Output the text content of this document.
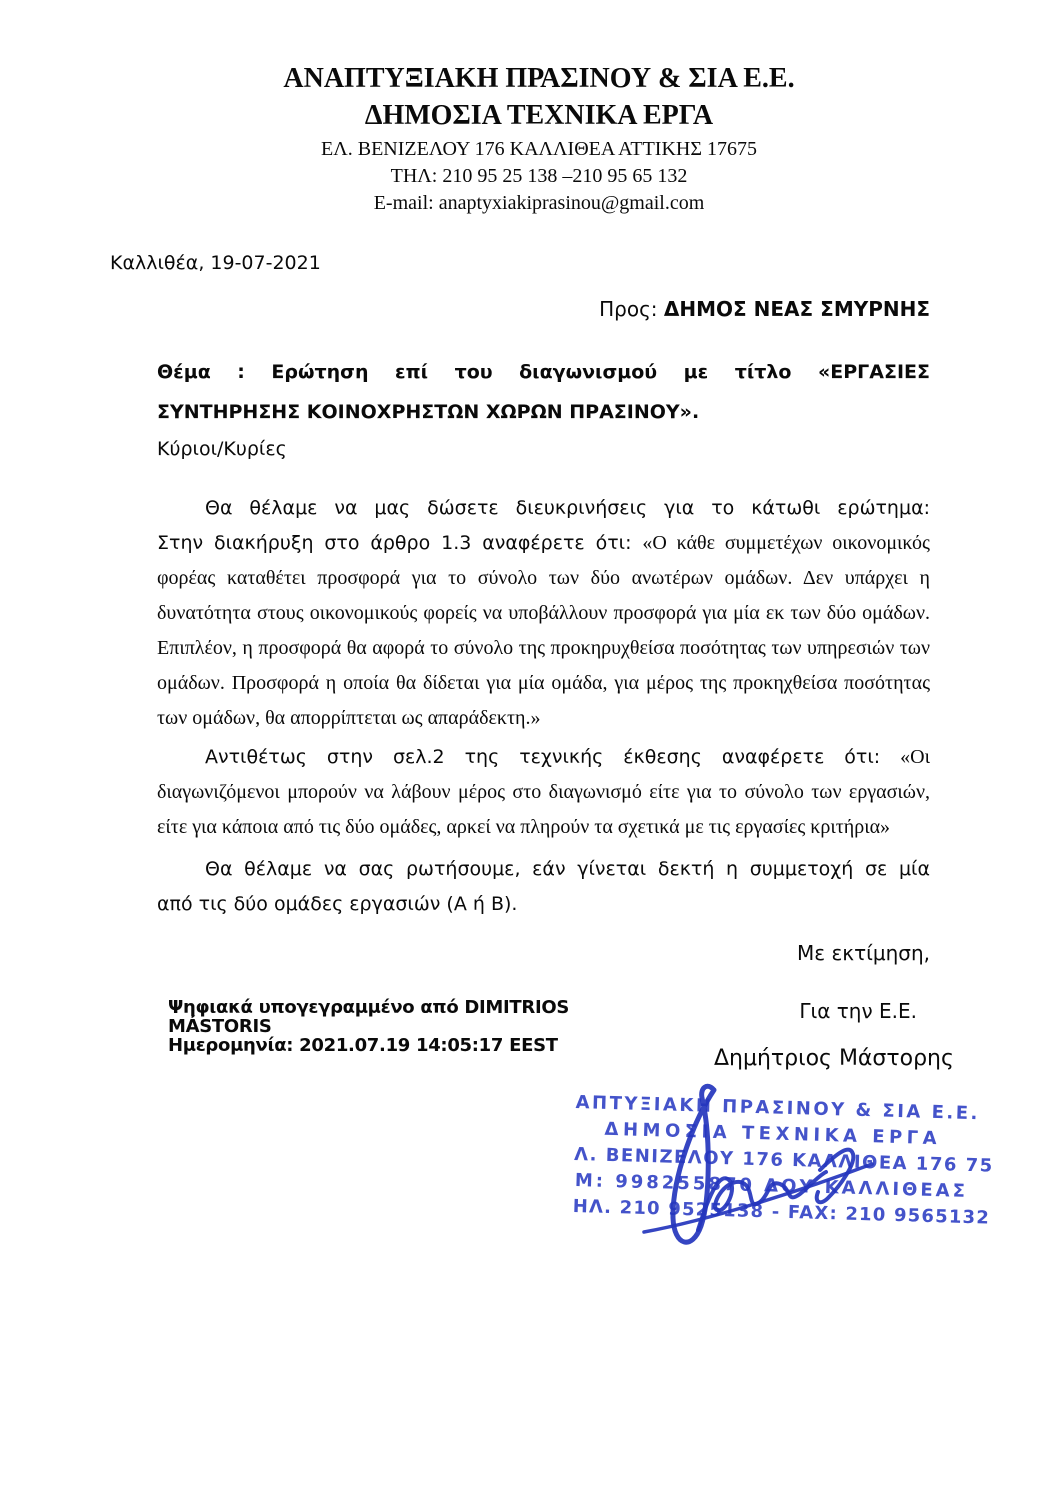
ΑΝΑΠΤΥΞΙΑΚΗ ΠΡΑΣΙΝΟΥ & ΣΙΑ Ε.Ε.
ΔΗΜΟΣΙΑ ΤΕΧΝΙΚΑ ΕΡΓΑ
ΕΛ. ΒΕΝΙΖΕΛΟΥ 176 ΚΑΛΛΙΘΕΑ ΑΤΤΙΚΗΣ 17675
ΤΗΛ: 210 95 25 138 –210 95 65 132
E-mail: anaptyxiakiprasinou@gmail.com
Καλλιθέα, 19-07-2021
Προς: ΔΗΜΟΣ ΝΕΑΣ ΣΜΥΡΝΗΣ
Θέμα : Ερώτηση επί του διαγωνισμού με τίτλο «ΕΡΓΑΣΙΕΣ
ΣΥΝΤΗΡΗΣΗΣ ΚΟΙΝΟΧΡΗΣΤΩΝ ΧΩΡΩΝ ΠΡΑΣΙΝΟΥ».
Κύριοι/Κυρίες
Θα θέλαμε να μας δώσετε διευκρινήσεις για το κάτωθι ερώτημα:
Στην διακήρυξη στο άρθρο 1.3 αναφέρετε ότι: «Ο κάθε συμμετέχων οικονομικός
φορέας καταθέτει προσφορά για το σύνολο των δύο ανωτέρων ομάδων. Δεν υπάρχει η
δυνατότητα στους οικονομικούς φορείς να υποβάλλουν προσφορά για μία εκ των δύο ομάδων.
Επιπλέον, η προσφορά θα αφορά το σύνολο της προκηρυχθείσα ποσότητας των υπηρεσιών των
ομάδων. Προσφορά η οποία θα δίδεται για μία ομάδα, για μέρος της προκηχθείσα ποσότητας
των ομάδων, θα απορρίπτεται ως απαράδεκτη.»
Αντιθέτως στην σελ.2 της τεχνικής έκθεσης αναφέρετε ότι: «Οι
διαγωνιζόμενοι μπορούν να λάβουν μέρος στο διαγωνισμό είτε για το σύνολο των εργασιών,
είτε για κάποια από τις δύο ομάδες, αρκεί να πληρούν τα σχετικά με τις εργασίες κριτήρια»
Θα θέλαμε να σας ρωτήσουμε, εάν γίνεται δεκτή η συμμετοχή σε μία
από τις δύο ομάδες εργασιών (Α ή Β).
Με εκτίμηση,
Ψηφιακά υπογεγραμμένο από DIMITRIOS
MÁSTORIS
Ημερομηνία: 2021.07.19 14:05:17 EEST
Για την Ε.Ε.
Δημήτριος Μάστορης
ΑΠΤΥΞΙΑΚΗ ΠΡΑΣΙΝΟΥ & ΣΙΑ Ε.Ε.
ΔΗΜΟΣΙΑ ΤΕΧΝΙΚΑ ΕΡΓΑ
Λ. ΒΕΝΙΖΕΛΟΥ 176 ΚΑΛΛΙΘΕΑ 176 75
Μ: 998255870 ΔΟΥ ΚΑΛΛΙΘΕΑΣ
ΗΛ. 210 9525138 - FAX: 210 9565132
